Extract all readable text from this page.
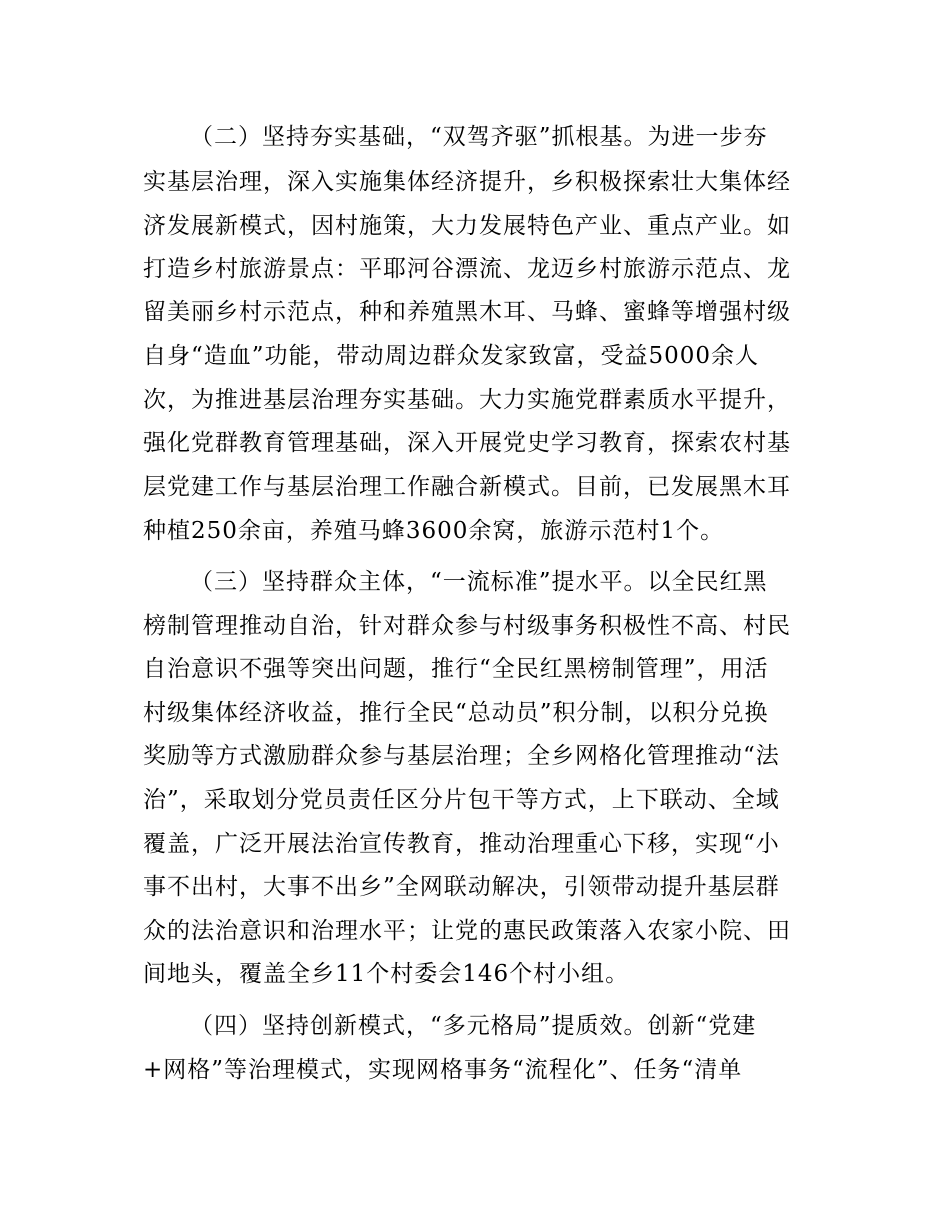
（二）坚持夯实基础，“双驾齐驱”抓根基。为进一步夯
实基层治理，深入实施集体经济提升，乡积极探索壮大集体经
济发展新模式，因村施策，大力发展特色产业、重点产业。如
打造乡村旅游景点：平耶河谷漂流、龙迈乡村旅游示范点、龙
留美丽乡村示范点，种和养殖黑木耳、马蜂、蜜蜂等增强村级
自身“造血”功能，带动周边群众发家致富，受益5000余人
次，为推进基层治理夯实基础。大力实施党群素质水平提升，
强化党群教育管理基础，深入开展党史学习教育，探索农村基
层党建工作与基层治理工作融合新模式。目前，已发展黑木耳
种植250余亩，养殖马蜂3600余窝，旅游示范村1个。
（三）坚持群众主体，“一流标准”提水平。以全民红黑
榜制管理推动自治，针对群众参与村级事务积极性不高、村民
自治意识不强等突出问题，推行“全民红黑榜制管理”，用活
村级集体经济收益，推行全民“总动员”积分制，以积分兑换
奖励等方式激励群众参与基层治理；全乡网格化管理推动“法
治”，采取划分党员责任区分片包干等方式，上下联动、全域
覆盖，广泛开展法治宣传教育，推动治理重心下移，实现“小
事不出村，大事不出乡”全网联动解决，引领带动提升基层群
众的法治意识和治理水平；让党的惠民政策落入农家小院、田
间地头，覆盖全乡11个村委会146个村小组。
（四）坚持创新模式，“多元格局”提质效。创新“党建
+网格”等治理模式，实现网格事务“流程化”、任务“清单
